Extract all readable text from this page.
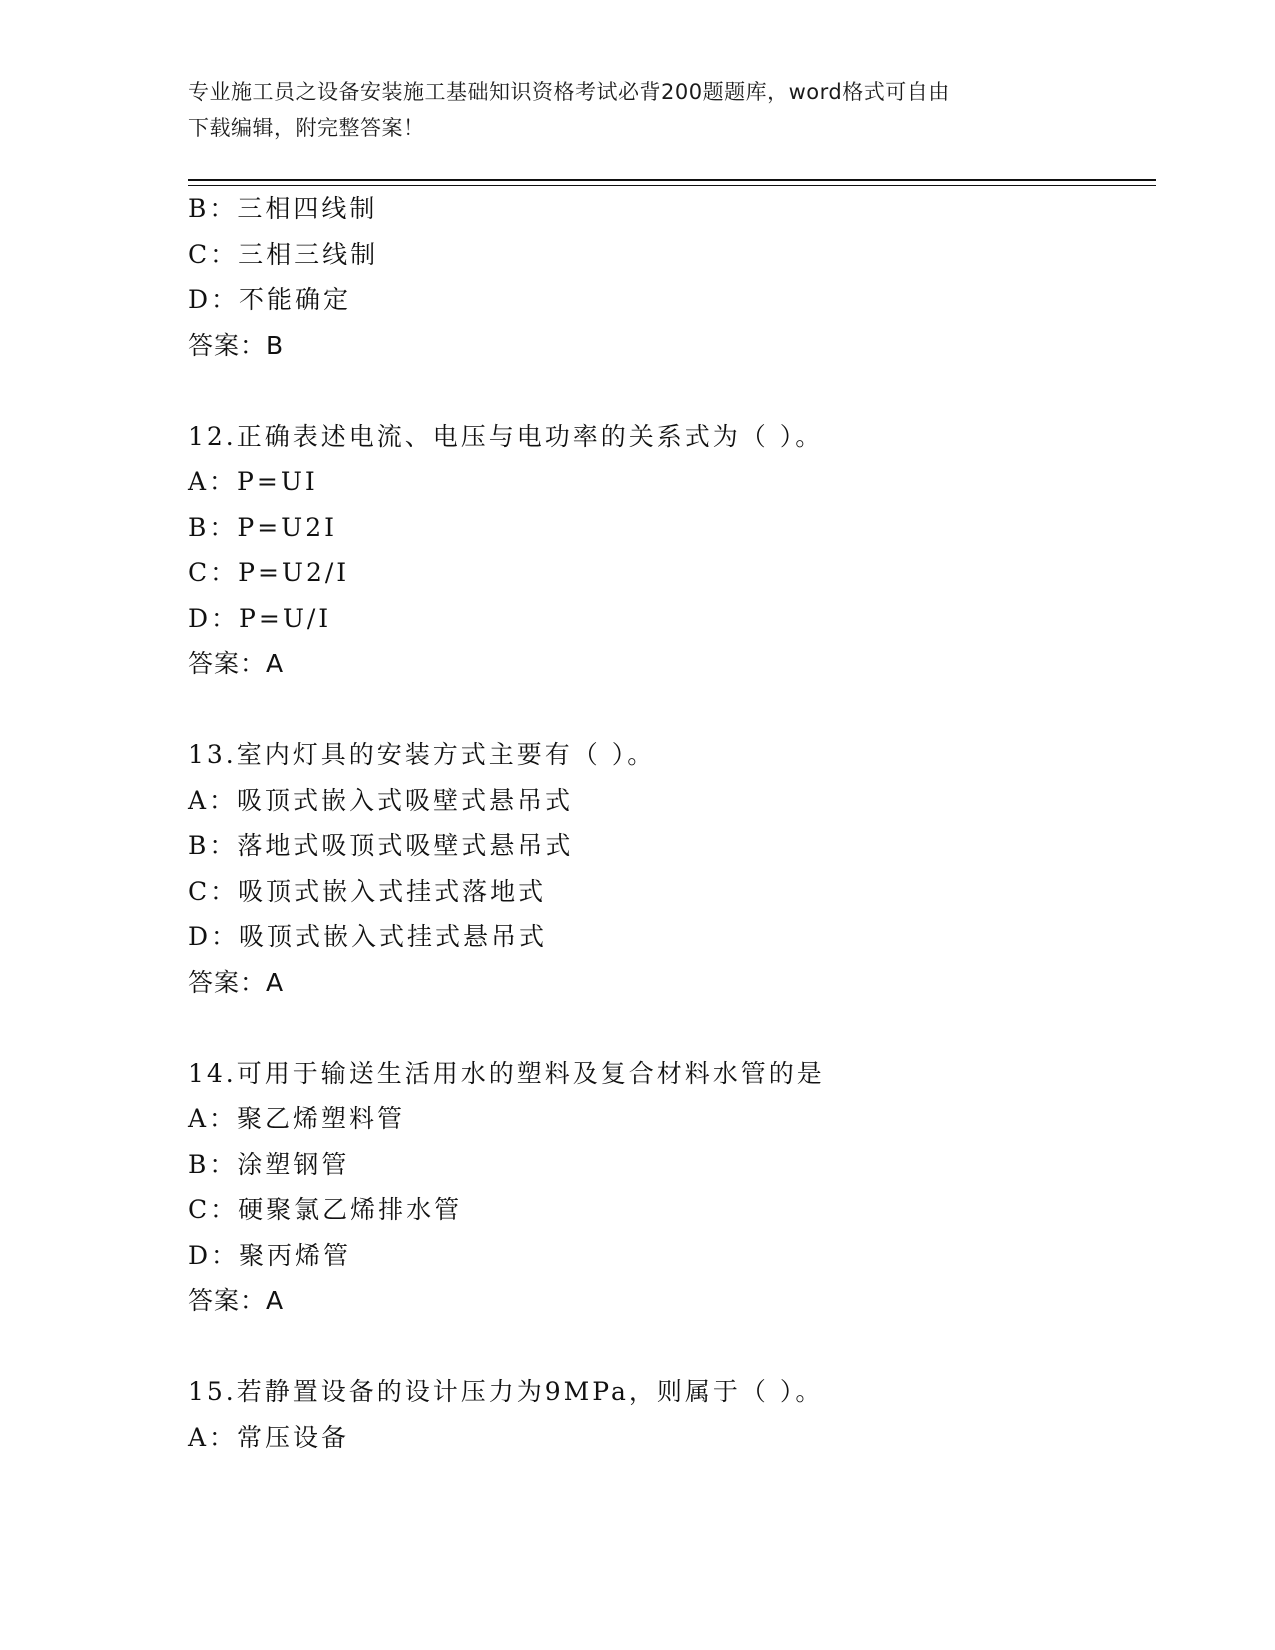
专业施工员之设备安装施工基础知识资格考试必背200题题库，word格式可自由
下载编辑，附完整答案！
B：三相四线制
C：三相三线制
D：不能确定
答案：B
12.正确表述电流、电压与电功率的关系式为（ ）。
A：P=UI
B：P=U2I
C：P=U2/I
D：P=U/I
答案：A
13.室内灯具的安装方式主要有（ ）。
A：吸顶式嵌入式吸壁式悬吊式
B：落地式吸顶式吸壁式悬吊式
C：吸顶式嵌入式挂式落地式
D：吸顶式嵌入式挂式悬吊式
答案：A
14.可用于输送生活用水的塑料及复合材料水管的是
A：聚乙烯塑料管
B：涂塑钢管
C：硬聚氯乙烯排水管
D：聚丙烯管
答案：A
15.若静置设备的设计压力为9MPa，则属于（ ）。
A：常压设备
